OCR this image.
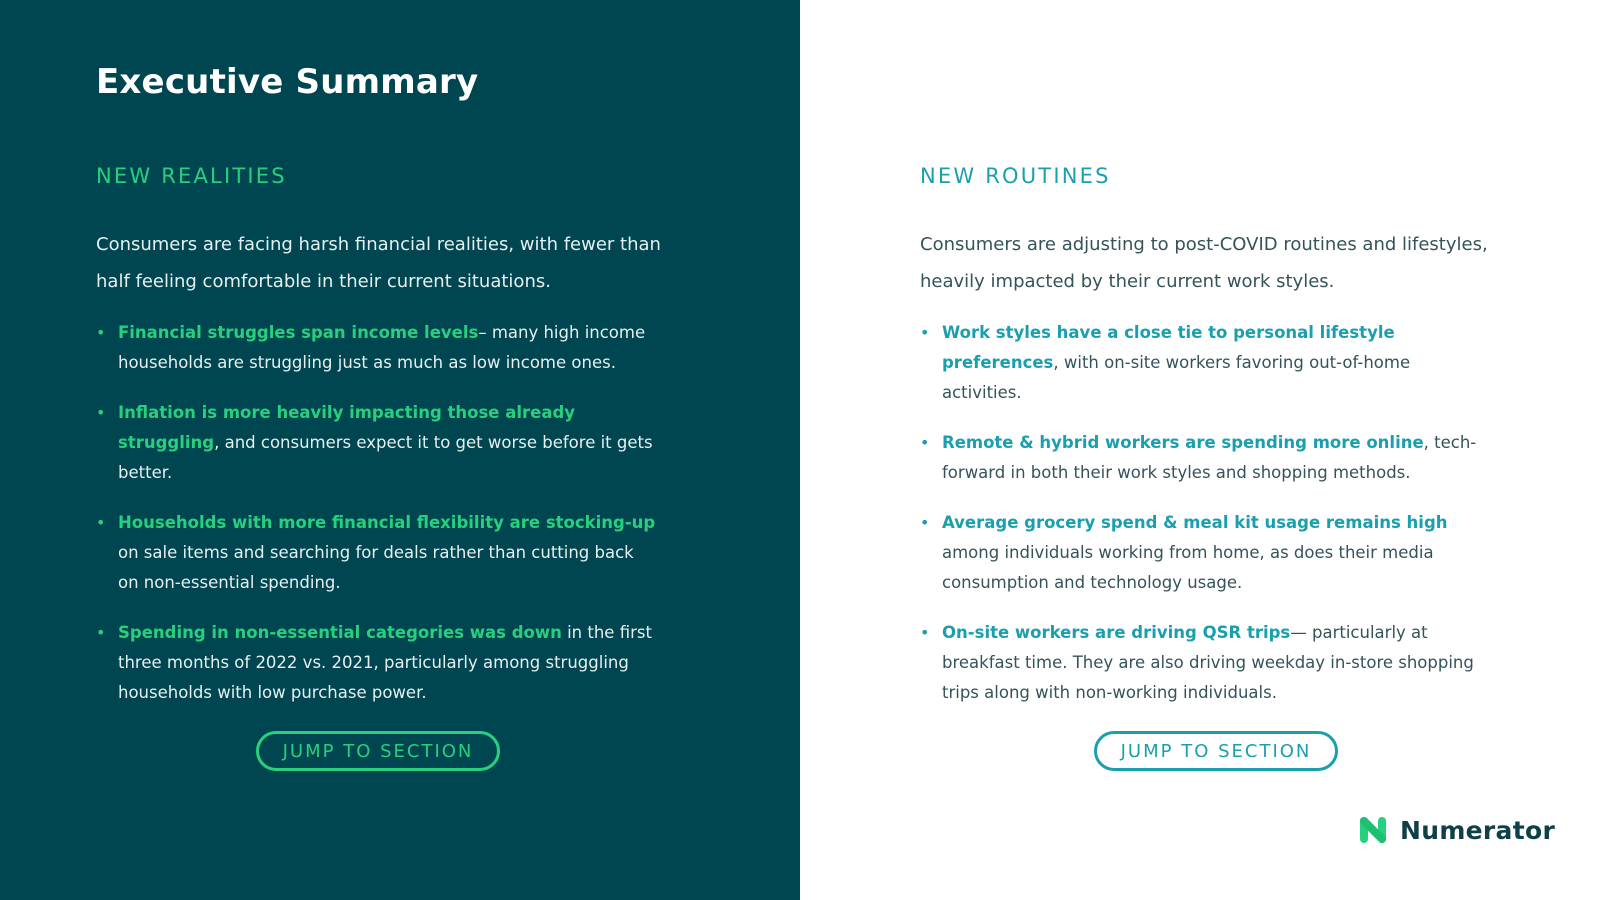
Executive Summary
NEW REALITIES

Consumers are facing harsh financial realities, with fewer than half feeling comfortable in their current situations.

• Financial struggles span income levels– many high income households are struggling just as much as low income ones.
• Inflation is more heavily impacting those already struggling, and consumers expect it to get worse before it gets better.
• Households with more financial flexibility are stocking-up on sale items and searching for deals rather than cutting back on non-essential spending.
• Spending in non-essential categories was down in the first three months of 2022 vs. 2021, particularly among struggling households with low purchase power.
JUMP TO SECTION
NEW ROUTINES

Consumers are adjusting to post-COVID routines and lifestyles, heavily impacted by their current work styles.

• Work styles have a close tie to personal lifestyle preferences, with on-site workers favoring out-of-home activities.
• Remote & hybrid workers are spending more online, tech-forward in both their work styles and shopping methods.
• Average grocery spend & meal kit usage remains high among individuals working from home, as does their media consumption and technology usage.
• On-site workers are driving QSR trips— particularly at breakfast time. They are also driving weekday in-store shopping trips along with non-working individuals.
JUMP TO SECTION
Numerator
